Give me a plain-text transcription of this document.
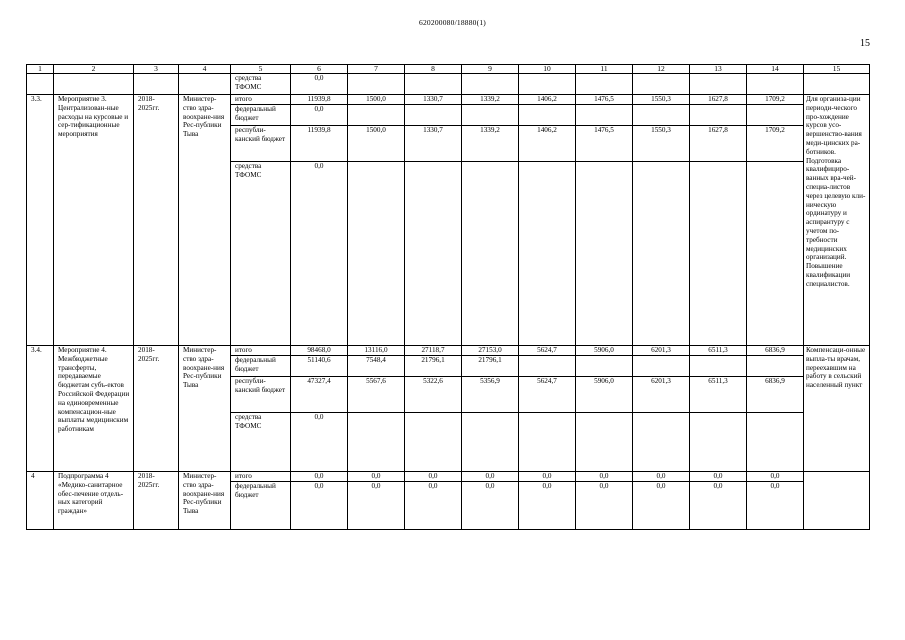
620200080/18880(1)
15
1	2	3	4	5	6	7	8	9	10	11	12	13	14	15
				средства ТФОМС	0,0									
3.3.	Мероприятие 3. Централизован-ные расходы на курсовые и сер-тификационные мероприятия	2018-2025гг.	Министер-ство здра-воохране-ния Рес-публики Тыва	итого	11939,8	1500,0	1330,7	1339,2	1406,2	1476,5	1550,3	1627,8	1709,2	Для организа-ции периоди-ческого про-хождение курсов усо-вершенство-вания меди-цинских ра-ботников. Подготовка квалифициро-ванных вра-чей-специа-листов через целевую кли-ническую ординатуру и аспирантуру с учетом по-требности медицинских организаций. Повышение квалификации специалистов.
				федеральный бюджет	0,0									
				республи-канский бюджет	11939,8	1500,0	1330,7	1339,2	1406,2	1476,5	1550,3	1627,8	1709,2	
				средства ТФОМС	0,0									
3.4.	Мероприятие 4. Межбюджетные трансферты, передаваемые бюджетам субъ-ектов Российской Федерации на единовременные компенсацион-ные выплаты медицинским работникам	2018-2025гг.	Министер-ство здра-воохране-ния Рес-публики Тыва	итого	98468,0	13116,0	27118,7	27153,0	5624,7	5906,0	6201,3	6511,3	6836,9	Компенсаци-онные выпла-ты врачам, переехавшим на работу в сельский населенный пункт
				федеральный бюджет	51140,6	7548,4	21796,1	21796,1						
				республи-канский бюджет	47327,4	5567,6	5322,6	5356,9	5624,7	5906,0	6201,3	6511,3	6836,9	
				средства ТФОМС	0,0									
4	Подпрограмма 4 «Медико-санитарное обес-печение отдель-ных категорий граждан»	2018-2025гг.	Министер-ство здра-воохране-ния Рес-публики Тыва	итого	0,0	0,0	0,0	0,0	0,0	0,0	0,0	0,0	0,0	
				федеральный бюджет	0,0	0,0	0,0	0,0	0,0	0,0	0,0	0,0	0,0	
